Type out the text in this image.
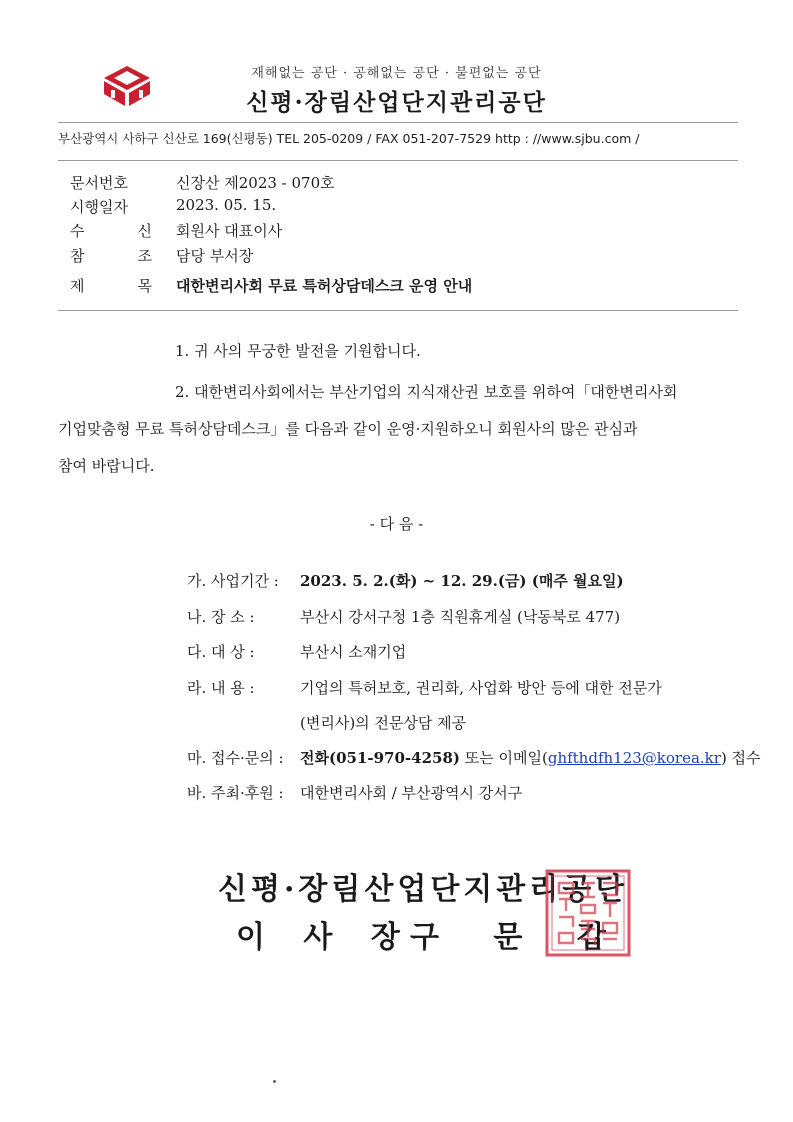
재해없는 공단 · 공해없는 공단 · 불편없는 공단
신평·장림산업단지관리공단
부산광역시 사하구 신산로 169(신평동) TEL 205-0209 / FAX 051-207-7529 http : //www.sjbu.com /
문서번호	신장산 제2023 - 070호
시행일자	2023. 05. 15.
수	신 회원사 대표이사
참	조 담당 부서장
제	목 대한변리사회 무료 특허상담데스크 운영 안내
1. 귀 사의 무궁한 발전을 기원합니다.
2. 대한변리사회에서는 부산기업의 지식재산권 보호를 위하여「대한변리사회
기업맞춤형 무료 특허상담데스크」를 다음과 같이 운영·지원하오니 회원사의 많은 관심과
참여 바랍니다.
- 다 음 -
가. 사업기간 : 2023. 5. 2.(화) ~ 12. 29.(금) (매주 월요일)
나. 장 소 :	부산시 강서구청 1층 직원휴게실 (낙동북로 477)
다. 대 상 :	부산시 소재기업
라. 내 용 :	기업의 특허보호, 권리화, 사업화 방안 등에 대한 전문가
(변리사)의 전문상담 제공
마. 접수·문의 : 전화(051-970-4258) 또는 이메일(ghfthdfh123@korea.kr) 접수
바. 주최·후원 : 대한변리사회 / 부산광역시 강서구
신평·장림산업단지관리공단
이 사 장
구 문 갑
